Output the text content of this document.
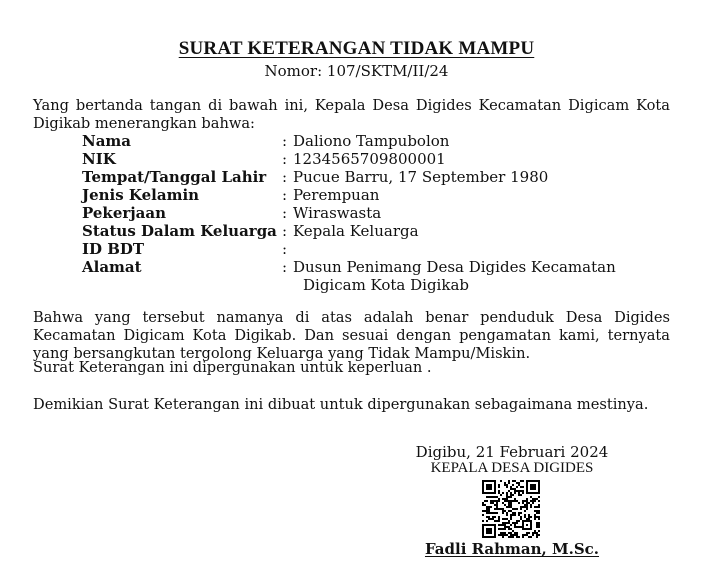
SURAT KETERANGAN TIDAK MAMPU
Nomor: 107/SKTM/II/24
Yang bertanda tangan di bawah ini, Kepala Desa Digides Kecamatan Digicam Kota Digikab menerangkan bahwa:
Nama	: Daliono Tampubolon
NIK	: 1234565709800001
Tempat/Tanggal Lahir	: Pucue Barru, 17 September 1980
Jenis Kelamin	: Perempuan
Pekerjaan	: Wiraswasta
Status Dalam Keluarga : Kepala Keluarga
ID BDT	:
Alamat	: Dusun Penimang Desa Digides Kecamatan
Digicam Kota Digikab
Bahwa yang tersebut namanya di atas adalah benar penduduk Desa Digides Kecamatan Digicam Kota Digikab. Dan sesuai dengan pengamatan kami, ternyata yang bersangkutan tergolong Keluarga yang Tidak Mampu/Miskin.
Surat Keterangan ini dipergunakan untuk keperluan .
Demikian Surat Keterangan ini dibuat untuk dipergunakan sebagaimana mestinya.
Digibu, 21 Februari 2024
KEPALA DESA DIGIDES
Fadli Rahman, M.Sc.
